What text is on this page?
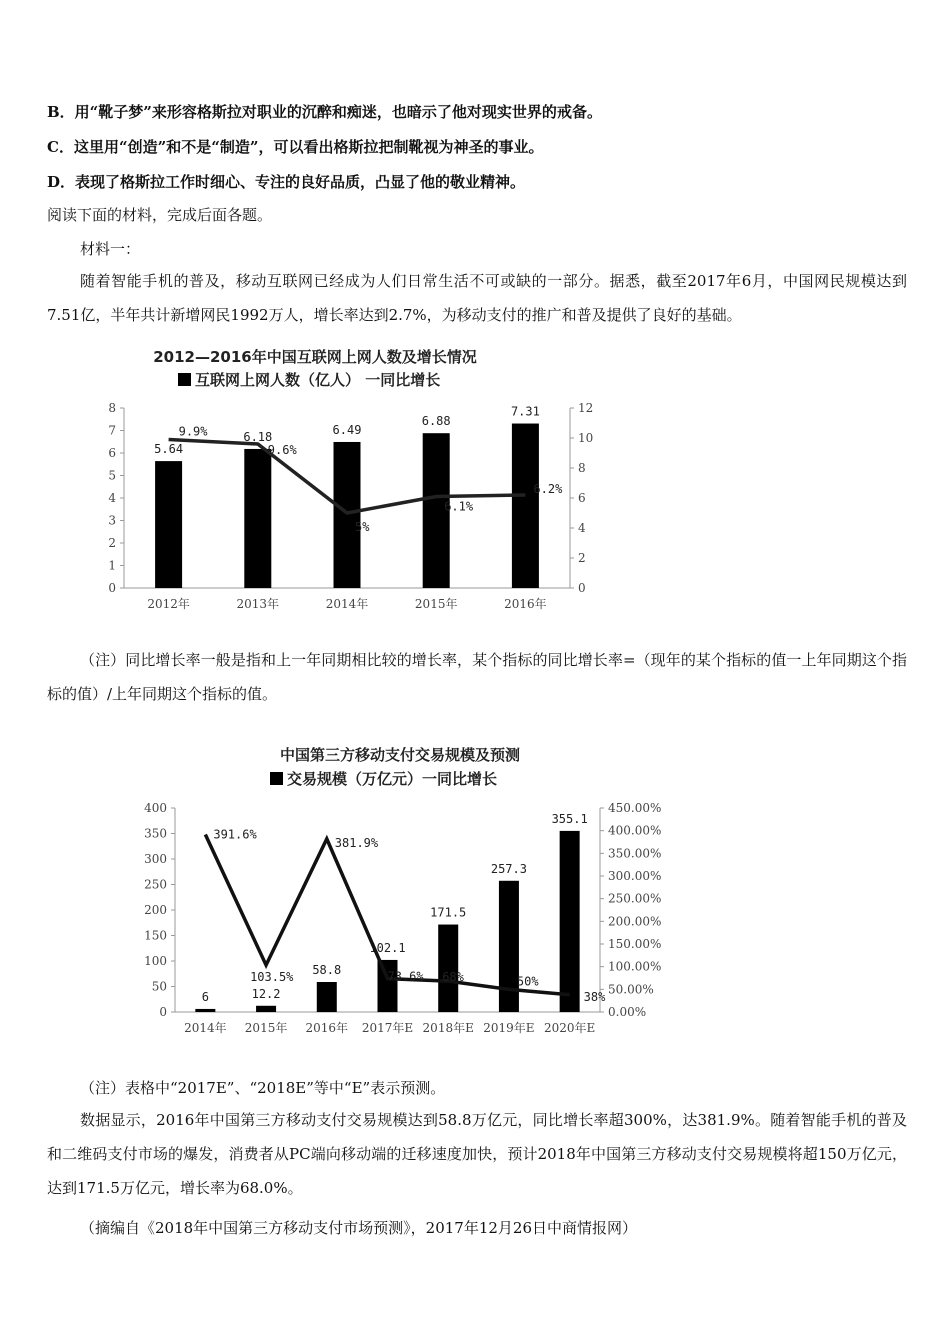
B．用“靴子梦”来形容格斯拉对职业的沉醉和痴迷，也暗示了他对现实世界的戒备。
C．这里用“创造”和不是“制造”，可以看出格斯拉把制靴视为神圣的事业。
D．表现了格斯拉工作时细心、专注的良好品质，凸显了他的敬业精神。
阅读下面的材料，完成后面各题。
材料一：
随着智能手机的普及，移动互联网已经成为人们日常生活不可或缺的一部分。据悉，截至2017年6月，中国网民规模达到7.51亿，半年共计新增网民1992万人，增长率达到2.7%，为移动支付的推广和普及提供了良好的基础。
2012—2016年中国互联网上网人数及增长情况
互联网上网人数（亿人） 一同比增长
0
1
2
3
4
5
6
7
8
0
2
4
6
8
10
12
5.64
2012年
6.18
2013年
6.49
2014年
6.88
2015年
7.31
2016年
9.9%
9.6%
5%
6.1%
6.2%
（注）同比增长率一般是指和上一年同期相比较的增长率，某个指标的同比增长率=（现年的某个指标的值一上年同期这个指标的值）/上年同期这个指标的值。
中国第三方移动支付交易规模及预测
交易规模（万亿元）一同比增长
0
50
100
150
200
250
300
350
400
0.00%
50.00%
100.00%
150.00%
200.00%
250.00%
300.00%
350.00%
400.00%
450.00%
6
2014年
12.2
2015年
58.8
2016年
102.1
2017年E
171.5
2018年E
257.3
2019年E
355.1
2020年E
391.6%
103.5%
381.9%
73.6% 68%	50%
38%
（注）表格中“2017E”、“2018E”等中“E”表示预测。
数据显示，2016年中国第三方移动支付交易规模达到58.8万亿元，同比增长率超300%，达381.9%。随着智能手机的普及和二维码支付市场的爆发，消费者从PC端向移动端的迁移速度加快，预计2018年中国第三方移动支付交易规模将超150万亿元，达到171.5万亿元，增长率为68.0%。
（摘编自《2018年中国第三方移动支付市场预测》，2017年12月26日中商情报网）
